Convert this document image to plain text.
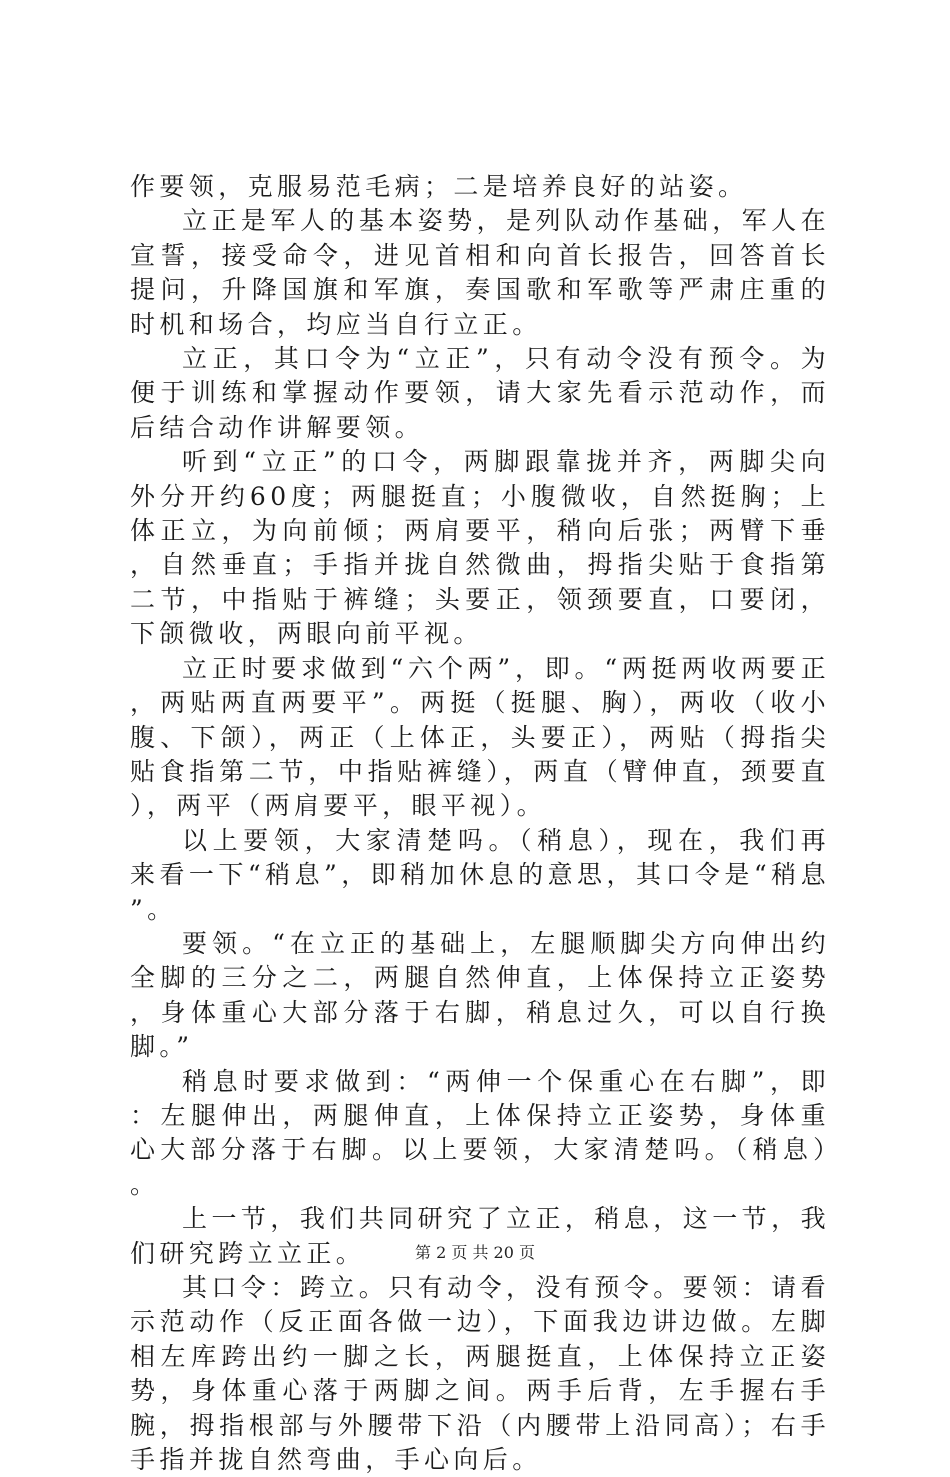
作要领，克服易范毛病；二是培养良好的站姿。

立正是军人的基本姿势，是列队动作基础，军人在宣誓，接受命令，进见首相和向首长报告，回答首长提问，升降国旗和军旗，奏国歌和军歌等严肃庄重的时机和场合，均应当自行立正。

立正，其口令为“立正”，只有动令没有预令。为便于训练和掌握动作要领，请大家先看示范动作，而后结合动作讲解要领。

听到“立正”的口令，两脚跟靠拢并齐，两脚尖向外分开约60度；两腿挺直；小腹微收，自然挺胸；上体正立，为向前倾；两肩要平，稍向后张；两臂下垂，自然垂直；手指并拢自然微曲，拇指尖贴于食指第二节，中指贴于裤缝；头要正，领颈要直，口要闭，下颌微收，两眼向前平视。

立正时要求做到“六个两”，即。“两挺两收两要正，两贴两直两要平”。两挺（挺腿、胸），两收（收小腹、下颌），两正（上体正，头要正），两贴（拇指尖贴食指第二节，中指贴裤缝），两直（臂伸直，颈要直），两平（两肩要平，眼平视）。

以上要领，大家清楚吗。（稍息），现在，我们再来看一下“稍息”，即稍加休息的意思，其口令是“稍息”。

要领。“在立正的基础上，左腿顺脚尖方向伸出约全脚的三分之二，两腿自然伸直，上体保持立正姿势，身体重心大部分落于右脚，稍息过久，可以自行换脚。”

稍息时要求做到：“两伸一个保重心在右脚”，即：左腿伸出，两腿伸直，上体保持立正姿势，身体重心大部分落于右脚。以上要领，大家清楚吗。（稍息）。

上一节，我们共同研究了立正，稍息，这一节，我们研究跨立立正。

其口令：跨立。只有动令，没有预令。要领：请看示范动作（反正面各做一边），下面我边讲边做。左脚相左库跨出约一脚之长，两腿挺直，上体保持立正姿势，身体重心落于两脚之间。两手后背，左手握右手腕，拇指根部与外腰带下沿（内腰带上沿同高）；右手手指并拢自然弯曲，手心向后。

第 2 页 共 20 页
